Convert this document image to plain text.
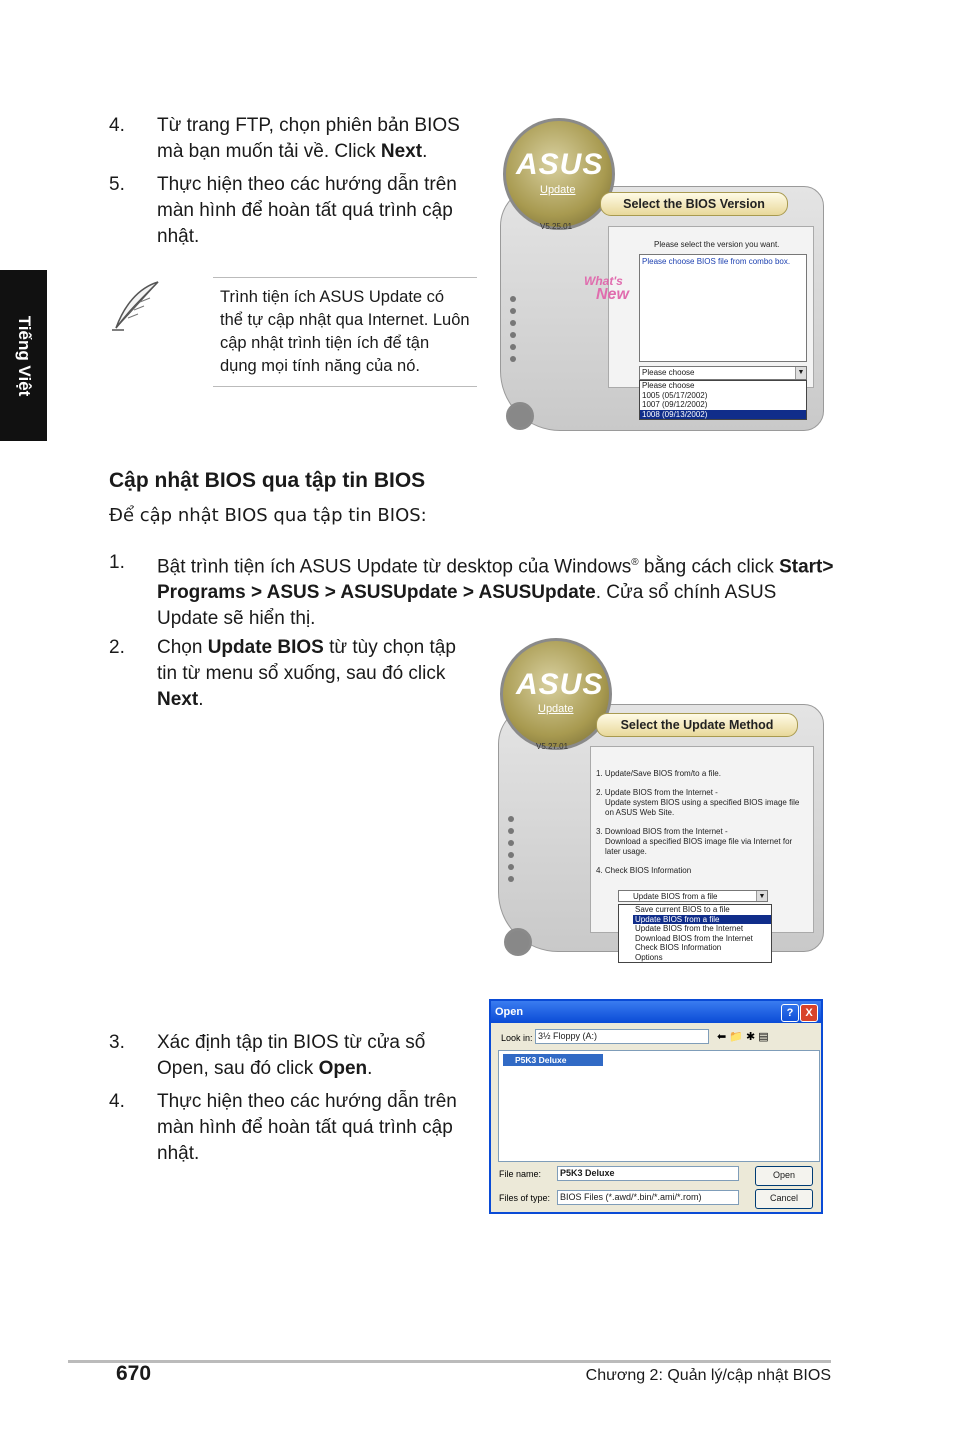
Tiếng Việt
4.	Từ trang FTP, chọn phiên bản BIOS mà bạn muốn tải về. Click Next.
5.	Thực hiện theo các hướng dẫn trên màn hình để hoàn tất quá trình cập nhật.
Trình tiện ích ASUS Update có thể tự cập nhật qua Internet. Luôn cập nhật trình tiện ích để tận dụng mọi tính năng của nó.
Cập nhật BIOS qua tập tin BIOS
Để cập nhật BIOS qua tập tin BIOS:
1.	Bật trình tiện ích ASUS Update từ desktop của Windows® bằng cách click Start> Programs > ASUS > ASUSUpdate > ASUSUpdate. Cửa sổ chính ASUS Update sẽ hiển thị.
2.	Chọn Update BIOS từ tùy chọn tập tin từ menu sổ xuống, sau đó click Next.
3.	Xác định tập tin BIOS từ cửa sổ Open, sau đó click Open.
4.	Thực hiện theo các hướng dẫn trên màn hình để hoàn tất quá trình cập nhật.
ASUS
Update
V5.25.01
Select the BIOS Version
Please select the version you want.
Please choose BIOS file from combo box.
What's
New
Please choose	▼
Please choose
1005 (05/17/2002)
1007 (09/12/2002)
1008 (09/13/2002)
ASUS
Update
V5.27.01
Select the Update Method
1. Update/Save BIOS from/to a file.
2. Update BIOS from the Internet -
Update system BIOS using a specified BIOS image file
on ASUS Web Site.
3. Download BIOS from the Internet -
Download a specified BIOS image file via Internet for
later usage.
4. Check BIOS Information
Update BIOS from a file	▼
Save current BIOS to a file
Update BIOS from a file
Update BIOS from the Internet
Download BIOS from the Internet
Check BIOS Information
Options
Open	?	X
Look in: 3½ Floppy (A:)	⬅ 📁 ✱ ▤
P5K3 Deluxe
File name:	P5K3 Deluxe
Files of type:	BIOS Files (*.awd/*.bin/*.ami/*.rom)
Open
Cancel
670	Chương 2: Quản lý/cập nhật BIOS
